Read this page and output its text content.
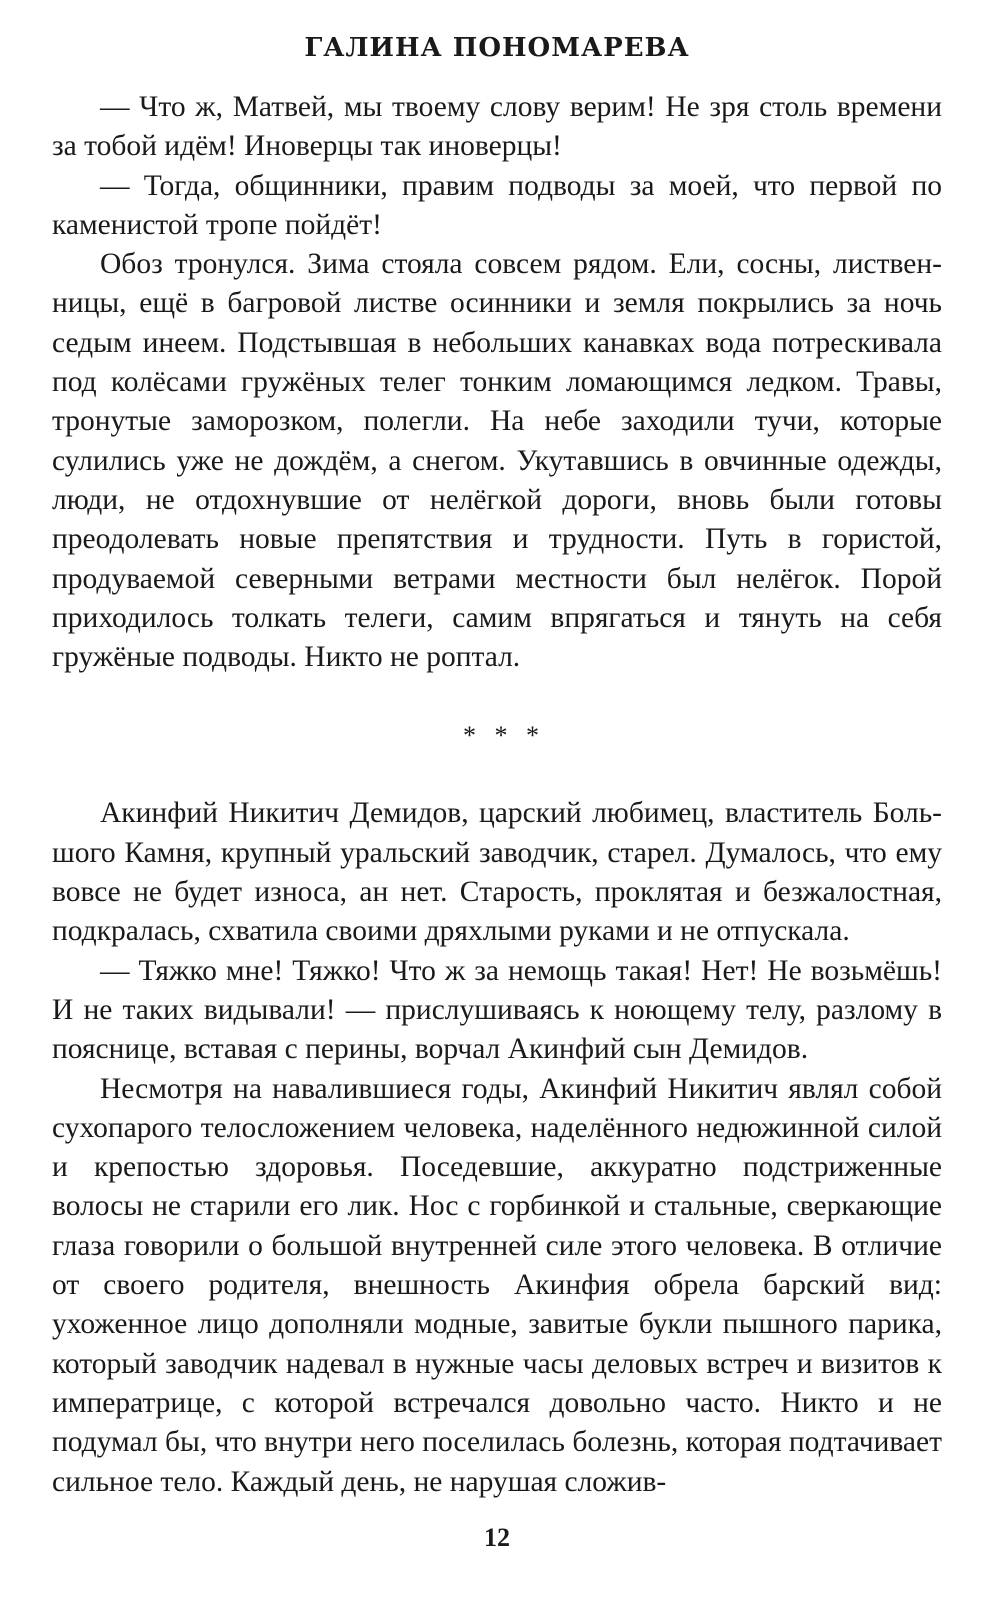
ГАЛИНА ПОНОМАРЕВА

— Что ж, Матвей, мы твоему слову верим! Не зря столь времени за тобой идём! Иноверцы так иноверцы!

— Тогда, общинники, правим подводы за моей, что первой по каменистой тропе пойдёт!

Обоз тронулся. Зима стояла совсем рядом. Ели, сосны, лиственницы, ещё в багровой листве осинники и земля покрылись за ночь седым инеем. Подстывшая в небольших канавках вода потрескивала под колёсами гружёных телег тонким ломающимся ледком. Травы, тронутые заморозком, полегли. На небе заходили тучи, которые сулились уже не дождём, а снегом. Укутавшись в овчинные одежды, люди, не отдохнувшие от нелёгкой дороги, вновь были готовы преодолевать новые препятствия и трудности. Путь в гористой, продуваемой северными ветрами местности был нелёгок. Порой приходилось толкать телеги, самим впрягаться и тянуть на себя гружёные подводы. Никто не роптал.

* * *

Акинфий Никитич Демидов, царский любимец, властитель Большого Камня, крупный уральский заводчик, старел. Думалось, что ему вовсе не будет износа, ан нет. Старость, проклятая и безжалостная, подкралась, схватила своими дряхлыми руками и не отпускала.

— Тяжко мне! Тяжко! Что ж за немощь такая! Нет! Не возьмёшь! И не таких видывали! — прислушиваясь к ноющему телу, разлому в пояснице, вставая с перины, ворчал Акинфий сын Демидов.

Несмотря на навалившиеся годы, Акинфий Никитич являл собой сухопарого телосложением человека, наделённого недюжинной силой и крепостью здоровья. Поседевшие, аккуратно подстриженные волосы не старили его лик. Нос с горбинкой и стальные, сверкающие глаза говорили о большой внутренней силе этого человека. В отличие от своего родителя, внешность Акинфия обрела барский вид: ухоженное лицо дополняли модные, завитые букли пышного парика, который заводчик надевал в нужные часы деловых встреч и визитов к императрице, с которой встречался довольно часто. Никто и не подумал бы, что внутри него поселилась болезнь, которая подтачивает сильное тело. Каждый день, не нарушая сложив-

12
